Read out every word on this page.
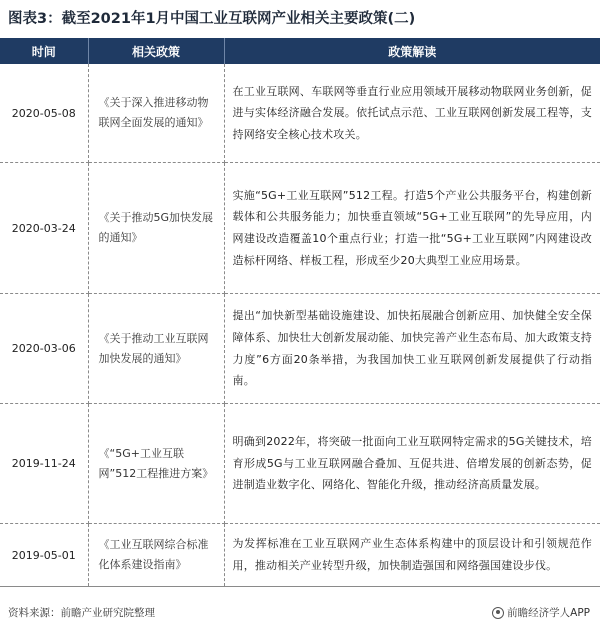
图表3：截至2021年1月中国工业互联网产业相关主要政策(二)
时间	相关政策	政策解读
2020-05-08	《关于深入推进移动物联网全面发展的通知》	在工业互联网、车联网等垂直行业应用领域开展移动物联网业务创新，促进与实体经济融合发展。依托试点示范、工业互联网创新发展工程等，支持网络安全核心技术攻关。
2020-03-24	《关于推动5G加快发展的通知》	实施“5G+工业互联网”512工程。打造5个产业公共服务平台，构建创新载体和公共服务能力；加快垂直领域“5G+工业互联网”的先导应用，内网建设改造覆盖10个重点行业；打造一批“5G+工业互联网”内网建设改造标杆网络、样板工程，形成至少20大典型工业应用场景。
2020-03-06	《关于推动工业互联网加快发展的通知》	提出“加快新型基础设施建设、加快拓展融合创新应用、加快健全安全保障体系、加快壮大创新发展动能、加快完善产业生态布局、加大政策支持力度”6方面20条举措，为我国加快工业互联网创新发展提供了行动指南。
2019-11-24	《“5G+工业互联网”512工程推进方案》	明确到2022年，将突破一批面向工业互联网特定需求的5G关键技术，培育形成5G与工业互联网融合叠加、互促共进、倍增发展的创新态势，促进制造业数字化、网络化、智能化升级，推动经济高质量发展。
2019-05-01	《工业互联网综合标准化体系建设指南》	为发挥标准在工业互联网产业生态体系构建中的顶层设计和引领规范作用，推动相关产业转型升级，加快制造强国和网络强国建设步伐。
资料来源：前瞻产业研究院整理	前瞻经济学人APP
